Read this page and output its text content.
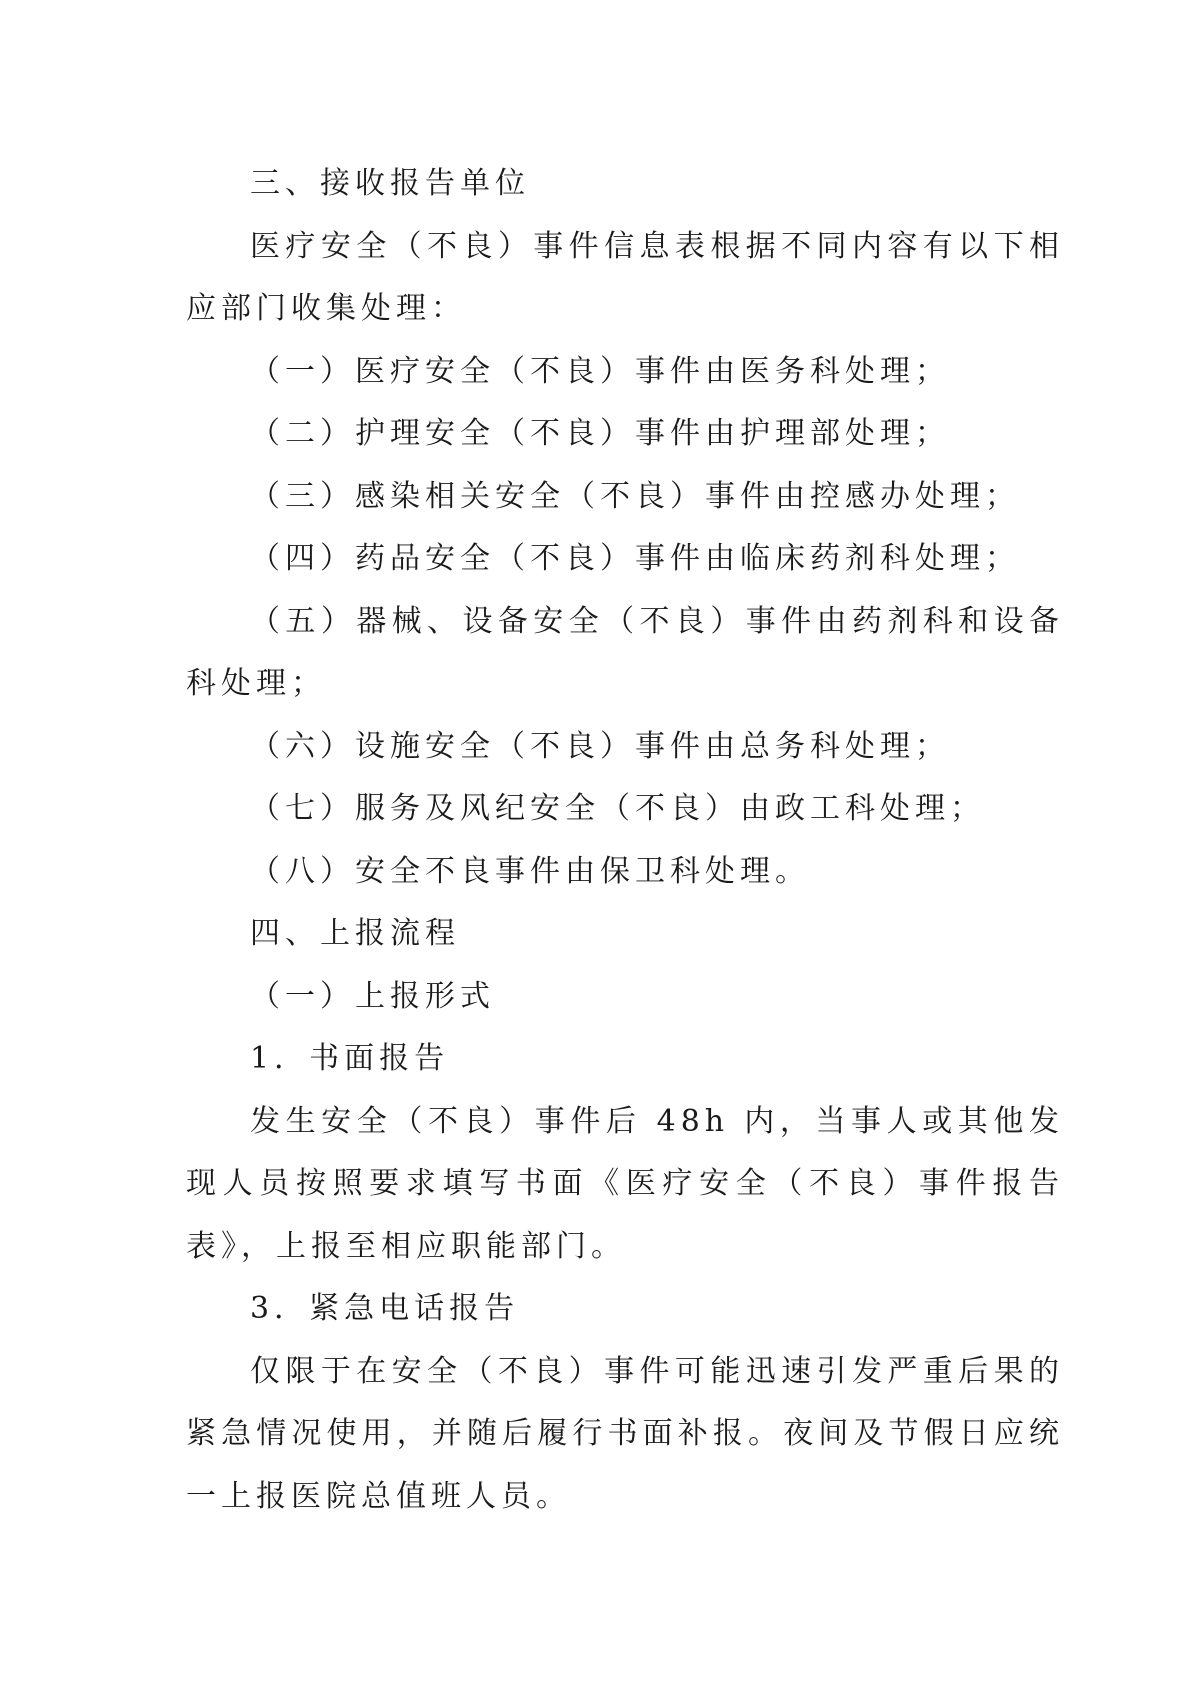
三、接收报告单位

医疗安全（不良）事件信息表根据不同内容有以下相应部门收集处理：

（一）医疗安全（不良）事件由医务科处理；

（二）护理安全（不良）事件由护理部处理；

（三）感染相关安全（不良）事件由控感办处理；

（四）药品安全（不良）事件由临床药剂科处理；

（五）器械、设备安全（不良）事件由药剂科和设备科处理；

（六）设施安全（不良）事件由总务科处理；

（七）服务及风纪安全（不良）由政工科处理；

（八）安全不良事件由保卫科处理。

四、上报流程

（一）上报形式

1．书面报告

发生安全（不良）事件后 48h 内，当事人或其他发现人员按照要求填写书面《医疗安全（不良）事件报告表》，上报至相应职能部门。

3．紧急电话报告

仅限于在安全（不良）事件可能迅速引发严重后果的紧急情况使用，并随后履行书面补报。夜间及节假日应统一上报医院总值班人员。
